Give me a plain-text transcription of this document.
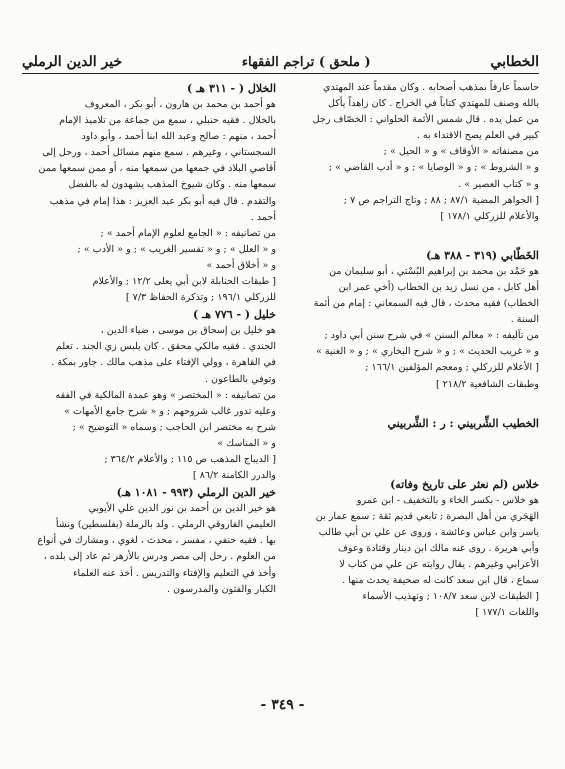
الخطابي
( ملحق ) تراجم الفقهاء
خير الدين الرملي

حاسماً عارفاً بمذهب أصحابه . وكان مقدماً عند المهتدي

بالله وصنف للمهتدي كتاباً في الخراج . كان زاهداً يأكل

من عمل يده . قال شمس الأئمة الحلواني : الخصّاف رجل

كبير في العلم يصح الاقتداء به .

من مصنفاته « الأوقاف » و « الحيل » ;

و « الشروط » ; و « الوصايا » ; و « أدب القاضي » ;

و « كتاب العصير » .

[ الجواهر المضية ٨٧/١ ; ٨٨ ; وتاج التراجم ص ٧ ;

والأعلام للزركلي ١٧٨/١ ]

الخَطّابي (٣١٩ - ٣٨٨ هـ)

هو حَمْد بن محمد بن إبراهيم البُسْتي ، أبو سليمان من

أهل كابل ، من نسل زيد بن الخطاب (أخي عمر ابن

الخطاب) فقيه محدث ، قال فيه السمعاني : إمام من أئمة

السنة .

من تآليفه : « معالم السنن » في شرح سنن أبي داود ;

و « غريب الحديث » ; و « شرح البخاري » ; و « الغنية »

[ الأعلام للزركلي ; ومعجم المؤلفين ١٦٦/١ ;

وطبقات الشافعية ٢١٨/٢ ]

الخطيب الشِّربيني : ر : الشِّربيني

خلاس (لم نعثر على تاريخ وفاته)

هو خلاس - بكسر الخاء و بالتخفيف - ابن عمرو

الهَجَري من أهل البصرة ; تابعي قديم ثقة ; سمع عمار بن

ياسر وابن عباس وعائشة ، وروى عن علي بن أبي طالب

وأبي هريرة . روى عنه مالك ابن دينار وقتادة وعوف

الأعرابي وغيرهم . يقال روايته عن علي من كتاب لا

سماع ، قال ابن سعد كانت له صحيفة يحدث منها .

[ الطبقات لابن سعد ١٠٨/٧ ; وتهذيب الأسماء

واللغات ١٧٧/١ ]

الخلال ( - ٣١١ هـ )

هو أحمد بن محمد بن هارون ، أبو بكر ، المعروف

بالخلال . فقيه حنبلي ، سمع من جماعة من تلاميذ الإمام

أحمد ، منهم : صالح وعبد الله ابنا أحمد ، وأبو داود

السجستاني ، وغيرهم . سمع منهم مسائل أحمد ، ورحل إلى

أقاصي البلاد في جمعها من سمعها منه ، أو ممن سمعها ممن

سمعها منه . وكان شيوخ المذهب يشهدون له بالفضل

والتقدم . قال فيه أبو بكر عبد العزيز : هذا إمام في مذهب

أحمد .

من تصانيفه : « الجامع لعلوم الإمام أحمد » ;

و « العلل » ; و « تفسير الغريب » ; و « الأدب » ;

و « أخلاق أحمد »

[ طبقات الحنابلة لابن أبي يعلى ١٢/٢ ; والأعلام

للزركلي ١٩٦/١ ; وتذكرة الحفاظ ٧/٣ ]

خليل ( - ٧٧٦ هـ )

هو خليل بن إسحاق بن موسى ، ضياء الدين ،

الجندي . فقيه مالكي محقق . كان يلبس زي الجند . تعلم

في القاهرة ، وولي الإفتاء على مذهب مالك . جاور بمكة .

وتوفي بالطاعون .

من تصانيفه : « المختصر » وهو عمدة المالكية في الفقه

وعليه تدور غالب شروحهم ; و « شرح جامع الأمهات »

شرح به مختصر ابن الحاجب ; وسماه « التوضيح » ;

و « المناسك »

[ الديباج المذهب ص ١١٥ ; والأعلام ٣٦٤/٢ ;

والدرر الكامنة ٨٦/٢ ]

خير الدين الرملي (٩٩٣ - ١٠٨١ هـ)

هو خير الدين بن أحمد بن نور الدين علي الأيوبي

العليمي الفاروقي الرملي . ولد بالرملة (بفلسطين) ونشأ

بها . فقيه حنفي ، مفسر ، محدث ، لغوي ، ومشارك في أنواع

من العلوم . رحل إلى مصر ودرس بالأزهر ثم عاد إلى بلده ،

وأخذ في التعليم والإفتاء والتدريس . أخذ عنه العلماء

الكبار والفتون والمدرسون .

- ٣٤٩ -
